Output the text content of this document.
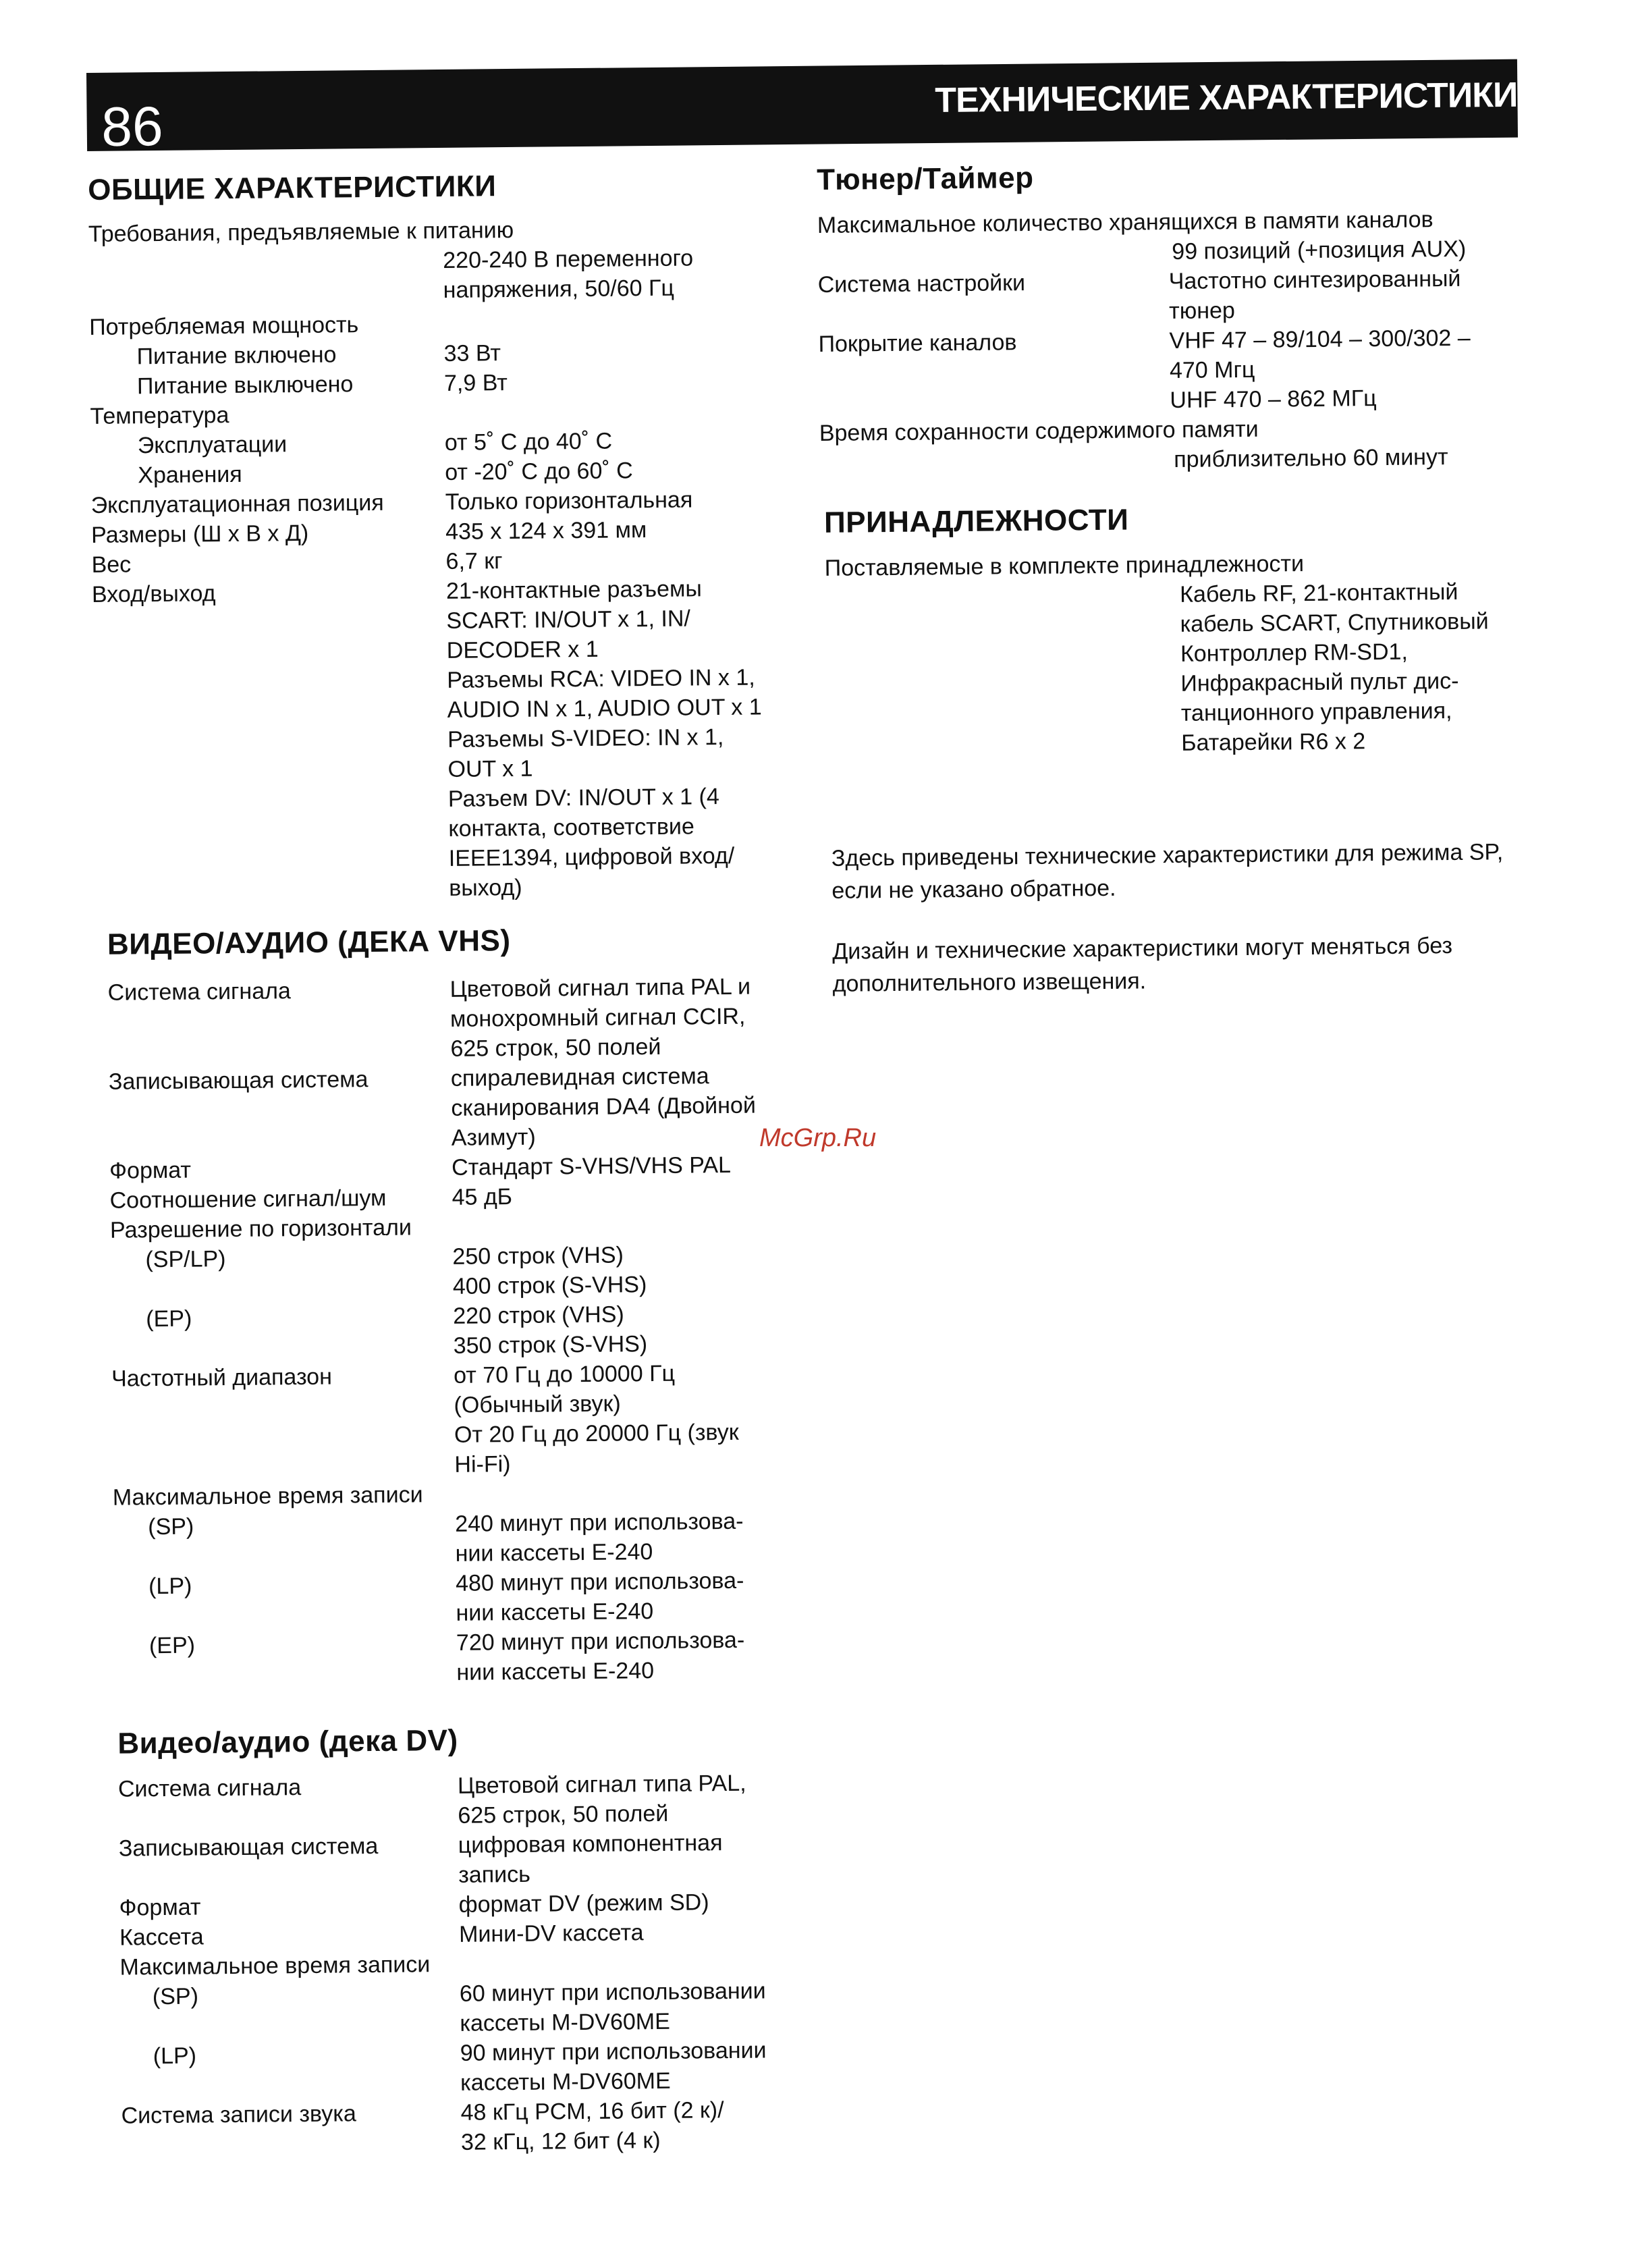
86	ТЕХНИЧЕСКИЕ ХАРАКТЕРИСТИКИ
ОБЩИЕ ХАРАКТЕРИСТИКИ
Требования, предъявляемые к питанию
220-240 В переменного
напряжения, 50/60 Гц
Потребляемая мощность
Питание включено	33 Вт
Питание выключено	7,9 Вт
Температура
Эксплуатации	от 5˚ C до 40˚ C
Хранения	от -20˚ C до 60˚ C
Эксплуатационная позиция	Только горизонтальная
Размеры (Ш x В x Д)	435 x 124 x 391 мм
Вес	6,7 кг
Вход/выход	21-контактные разъемы
SCART: IN/OUT x 1, IN/
DECODER x 1
Разъемы RCA: VIDEO IN x 1,
AUDIO IN x 1, AUDIO OUT x 1
Разъемы S-VIDEO: IN x 1,
OUT x 1
Разъем DV: IN/OUT x 1 (4
контакта, соответствие
IEEE1394, цифровой вход/
выход)
ВИДЕО/АУДИО (ДЕКА VHS)
Система сигнала	Цветовой сигнал типа PAL и
монохромный сигнал CCIR,
625 строк, 50 полей
Записывающая система	спиралевидная система
сканирования DA4 (Двойной
Азимут)
Формат	Стандарт S-VHS/VHS PAL
Соотношение сигнал/шум	45 дБ
Разрешение по горизонтали
(SP/LP)	250 строк (VHS)
400 строк (S-VHS)
(EP)	220 строк (VHS)
350 строк (S-VHS)
Частотный диапазон	от 70 Гц до 10000 Гц
(Обычный звук)
От 20 Гц до 20000 Гц (звук
Hi-Fi)
Максимальное время записи
(SP)	240 минут при использова-
нии кассеты E-240
(LP)	480 минут при использова-
нии кассеты E-240
(EP)	720 минут при использова-
нии кассеты E-240
Видео/аудио (дека DV)
Система сигнала	Цветовой сигнал типа PAL,
625 строк, 50 полей
Записывающая система	цифровая компонентная
запись
Формат	формат DV (режим SD)
Кассета	Мини-DV кассета
Максимальное время записи
(SP)	60 минут при использовании
кассеты M-DV60ME
(LP)	90 минут при использовании
кассеты M-DV60ME
Система записи звука	48 кГц PCM, 16 бит (2 к)/
32 кГц, 12 бит (4 к)
Тюнер/Таймер
Максимальное количество хранящихся в памяти каналов
99 позиций (+позиция AUX)
Система настройки	Частотно синтезированный
тюнер
Покрытие каналов	VHF 47 – 89/104 – 300/302 –
470 Мгц
UHF 470 – 862 МГц
Время сохранности содержимого памяти
приблизительно 60 минут
ПРИНАДЛЕЖНОСТИ
Поставляемые в комплекте принадлежности
Кабель RF, 21-контактный
кабель SCART, Спутниковый
Контроллер RM-SD1,
Инфракрасный пульт дис-
танционного управления,
Батарейки R6 x 2
Здесь приведены технические характеристики для режима SP, если не указано обратное.
Дизайн и технические характеристики могут меняться без дополнительного извещения.
McGrp.Ru
